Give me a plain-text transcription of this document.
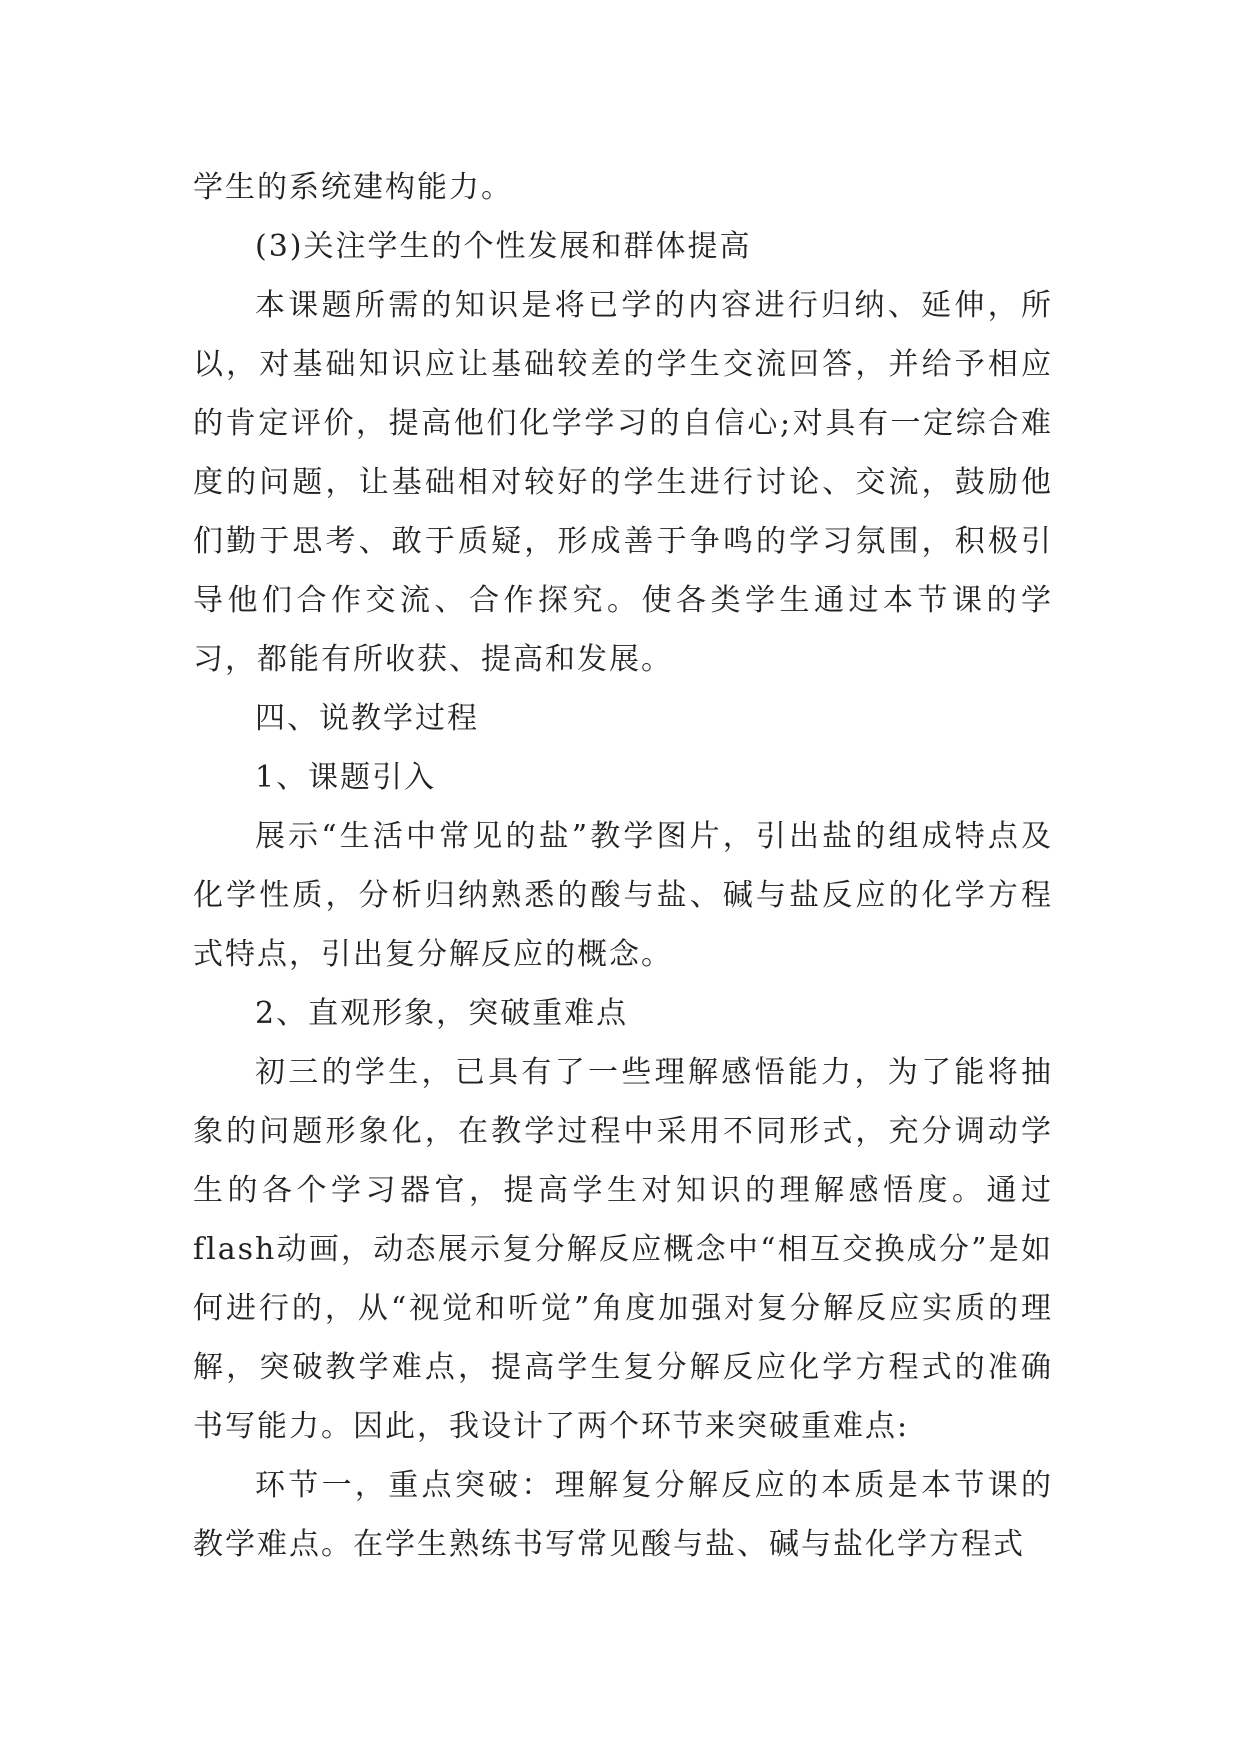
学生的系统建构能力。

(3)关注学生的个性发展和群体提高

本课题所需的知识是将已学的内容进行归纳、延伸，所以，对基础知识应让基础较差的学生交流回答，并给予相应的肯定评价，提高他们化学学习的自信心;对具有一定综合难度的问题，让基础相对较好的学生进行讨论、交流，鼓励他们勤于思考、敢于质疑，形成善于争鸣的学习氛围，积极引导他们合作交流、合作探究。使各类学生通过本节课的学习，都能有所收获、提高和发展。

四、说教学过程

1、课题引入

展示“生活中常见的盐”教学图片，引出盐的组成特点及化学性质，分析归纳熟悉的酸与盐、碱与盐反应的化学方程式特点，引出复分解反应的概念。

2、直观形象，突破重难点

初三的学生，已具有了一些理解感悟能力，为了能将抽象的问题形象化，在教学过程中采用不同形式，充分调动学生的各个学习器官，提高学生对知识的理解感悟度。通过flash动画，动态展示复分解反应概念中“相互交换成分”是如何进行的，从“视觉和听觉”角度加强对复分解反应实质的理解，突破教学难点，提高学生复分解反应化学方程式的准确书写能力。因此，我设计了两个环节来突破重难点:

环节一，重点突破：理解复分解反应的本质是本节课的教学难点。在学生熟练书写常见酸与盐、碱与盐化学方程式
